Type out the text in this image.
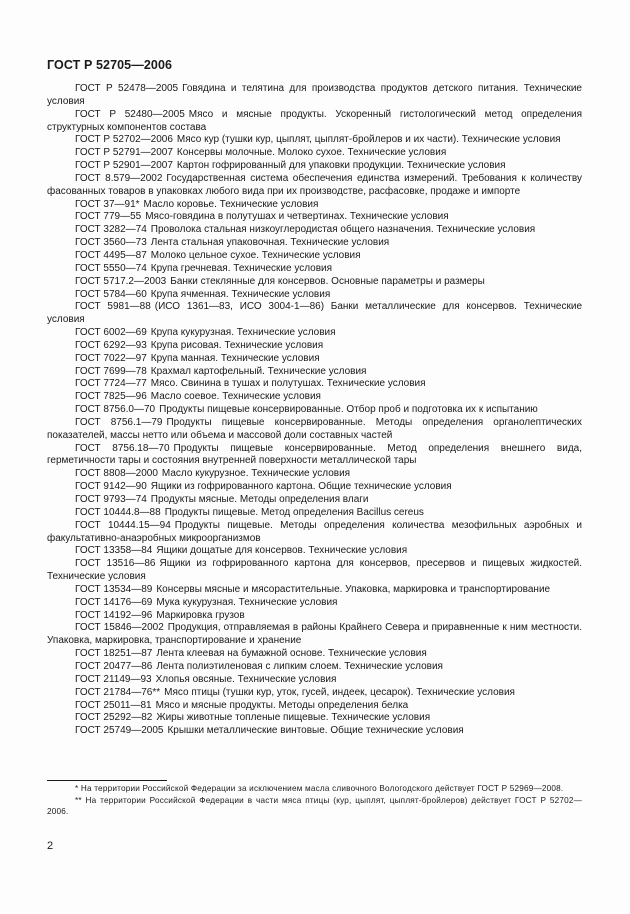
ГОСТ Р 52705—2006
ГОСТ Р 52478—2005 Говядина и телятина для производства продуктов детского питания. Технические условия
ГОСТ Р 52480—2005 Мясо и мясные продукты. Ускоренный гистологический метод определения структурных компонентов состава
ГОСТ Р 52702—2006 Мясо кур (тушки кур, цыплят, цыплят-бройлеров и их части). Технические условия
ГОСТ Р 52791—2007 Консервы молочные. Молоко сухое. Технические условия
ГОСТ Р 52901—2007 Картон гофрированный для упаковки продукции. Технические условия
ГОСТ 8.579—2002 Государственная система обеспечения единства измерений. Требования к количеству фасованных товаров в упаковках любого вида при их производстве, расфасовке, продаже и импорте
ГОСТ 37—91* Масло коровье. Технические условия
ГОСТ 779—55 Мясо-говядина в полутушах и четвертинах. Технические условия
ГОСТ 3282—74 Проволока стальная низкоуглеродистая общего назначения. Технические условия
ГОСТ 3560—73 Лента стальная упаковочная. Технические условия
ГОСТ 4495—87 Молоко цельное сухое. Технические условия
ГОСТ 5550—74 Крупа гречневая. Технические условия
ГОСТ 5717.2—2003 Банки стеклянные для консервов. Основные параметры и размеры
ГОСТ 5784—60 Крупа ячменная. Технические условия
ГОСТ 5981—88 (ИСО 1361—83, ИСО 3004-1—86) Банки металлические для консервов. Технические условия
ГОСТ 6002—69 Крупа кукурузная. Технические условия
ГОСТ 6292—93 Крупа рисовая. Технические условия
ГОСТ 7022—97 Крупа манная. Технические условия
ГОСТ 7699—78 Крахмал картофельный. Технические условия
ГОСТ 7724—77 Мясо. Свинина в тушах и полутушах. Технические условия
ГОСТ 7825—96 Масло соевое. Технические условия
ГОСТ 8756.0—70 Продукты пищевые консервированные. Отбор проб и подготовка их к испытанию
ГОСТ 8756.1—79 Продукты пищевые консервированные. Методы определения органолептических показателей, массы нетто или объема и массовой доли составных частей
ГОСТ 8756.18—70 Продукты пищевые консервированные. Метод определения внешнего вида, герметичности тары и состояния внутренней поверхности металлической тары
ГОСТ 8808—2000 Масло кукурузное. Технические условия
ГОСТ 9142—90 Ящики из гофрированного картона. Общие технические условия
ГОСТ 9793—74 Продукты мясные. Методы определения влаги
ГОСТ 10444.8—88 Продукты пищевые. Метод определения Bacillus cereus
ГОСТ 10444.15—94 Продукты пищевые. Методы определения количества мезофильных аэробных и факультативно-анаэробных микроорганизмов
ГОСТ 13358—84 Ящики дощатые для консервов. Технические условия
ГОСТ 13516—86 Ящики из гофрированного картона для консервов, пресервов и пищевых жидкостей. Технические условия
ГОСТ 13534—89 Консервы мясные и мясорастительные. Упаковка, маркировка и транспортирование
ГОСТ 14176—69 Мука кукурузная. Технические условия
ГОСТ 14192—96 Маркировка грузов
ГОСТ 15846—2002 Продукция, отправляемая в районы Крайнего Севера и приравненные к ним местности. Упаковка, маркировка, транспортирование и хранение
ГОСТ 18251—87 Лента клеевая на бумажной основе. Технические условия
ГОСТ 20477—86 Лента полиэтиленовая с липким слоем. Технические условия
ГОСТ 21149—93 Хлопья овсяные. Технические условия
ГОСТ 21784—76** Мясо птицы (тушки кур, уток, гусей, индеек, цесарок). Технические условия
ГОСТ 25011—81 Мясо и мясные продукты. Методы определения белка
ГОСТ 25292—82 Жиры животные топленые пищевые. Технические условия
ГОСТ 25749—2005 Крышки металлические винтовые. Общие технические условия
* На территории Российской Федерации за исключением масла сливочного Вологодского действует ГОСТ Р 52969—2008.
** На территории Российской Федерации в части мяса птицы (кур, цыплят, цыплят-бройлеров) действует ГОСТ Р 52702—2006.
2
